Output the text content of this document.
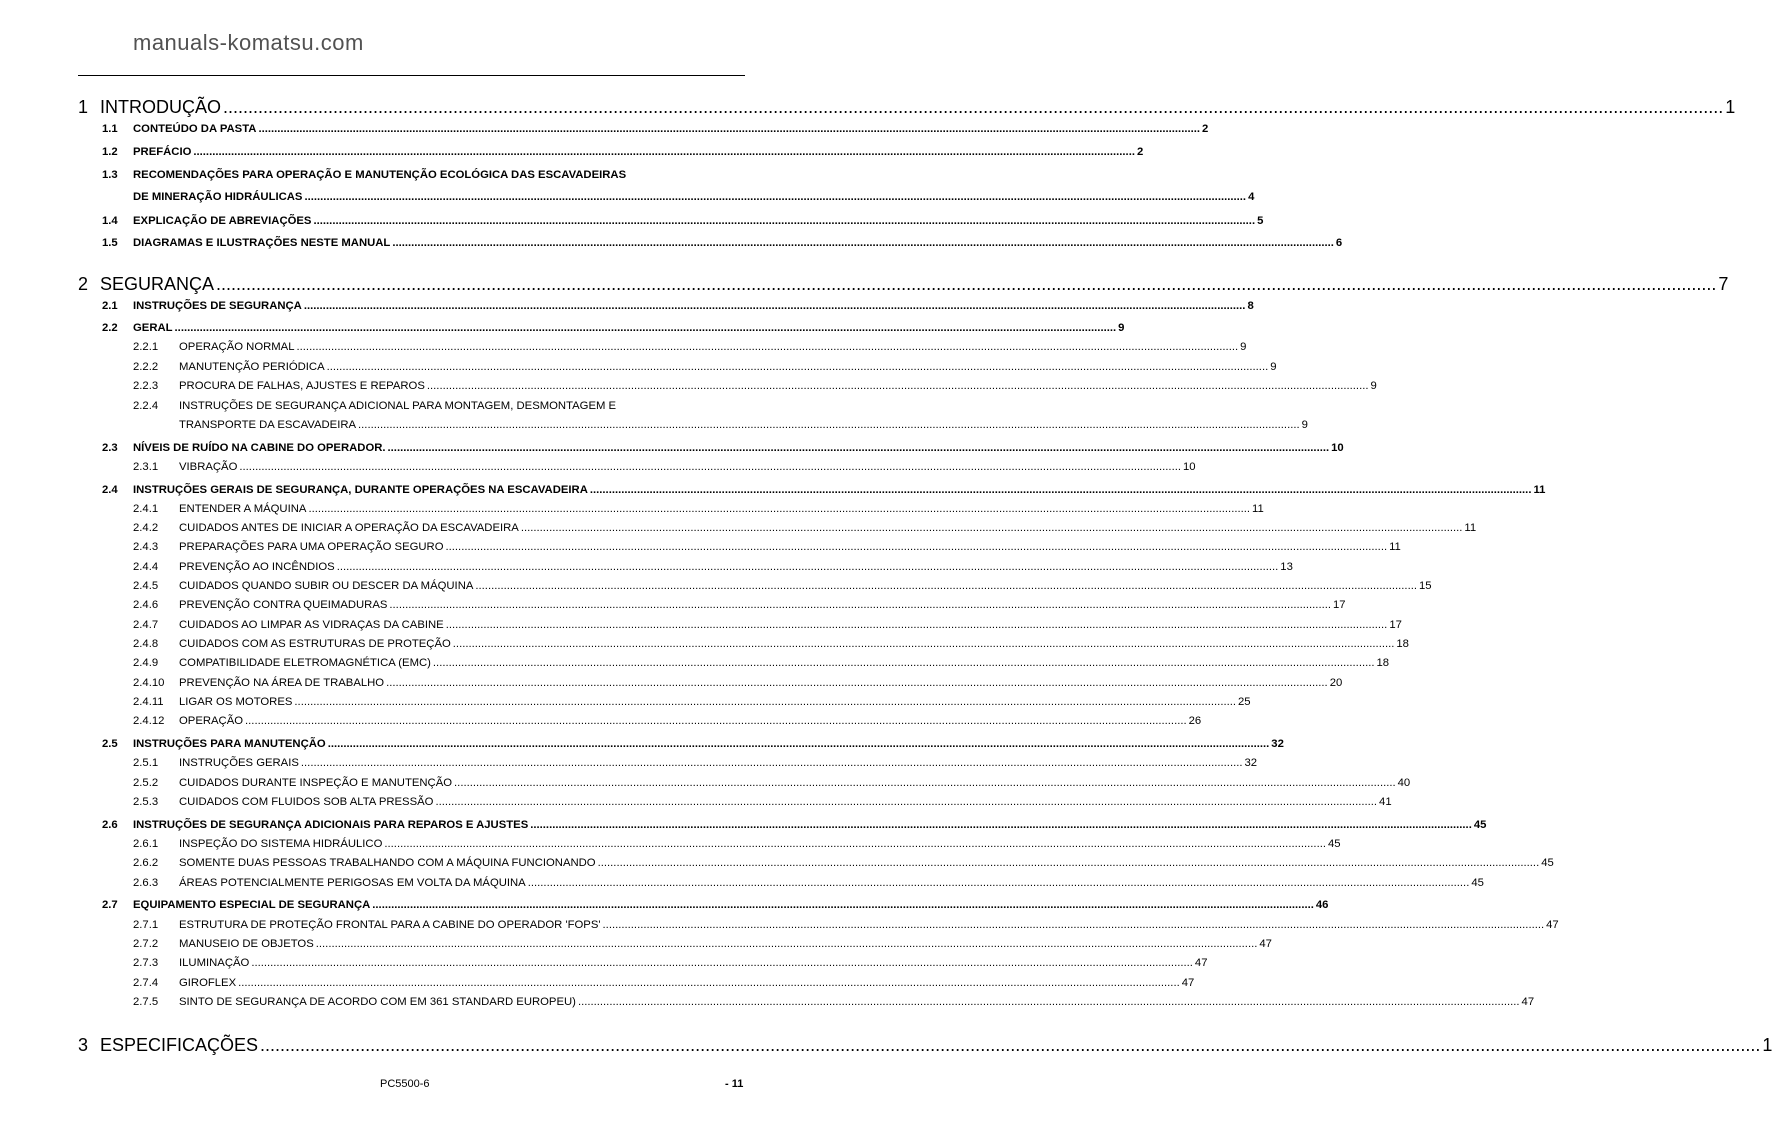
manuals-komatsu.com
1 INTRODUÇÃO ............................................................................................................................................................................................................................................................................................................ 1
1.1 CONTEÚDO DA PASTA ............................................................................................................................................................................................................................................................................................................ 2
1.2 PREFÁCIO ............................................................................................................................................................................................................................................................................................................ 2
1.3 RECOMENDAÇÕES PARA OPERAÇÃO E MANUTENÇÃO ECOLÓGICA DAS ESCAVADEIRAS
DE MINERAÇÃO HIDRÁULICAS ............................................................................................................................................................................................................................................................................................................ 4
1.4 EXPLICAÇÃO DE ABREVIAÇÕES ............................................................................................................................................................................................................................................................................................................ 5
1.5 DIAGRAMAS E ILUSTRAÇÕES NESTE MANUAL ............................................................................................................................................................................................................................................................................................................ 6
2 SEGURANÇA ............................................................................................................................................................................................................................................................................................................ 7
2.1 INSTRUÇÕES DE SEGURANÇA ............................................................................................................................................................................................................................................................................................................ 8
2.2 GERAL ............................................................................................................................................................................................................................................................................................................ 9
2.2.1 OPERAÇÃO NORMAL ............................................................................................................................................................................................................................................................................................................ 9
2.2.2 MANUTENÇÃO PERIÓDICA ............................................................................................................................................................................................................................................................................................................ 9
2.2.3 PROCURA DE FALHAS, AJUSTES E REPAROS ............................................................................................................................................................................................................................................................................................................ 9
2.2.4 INSTRUÇÕES DE SEGURANÇA ADICIONAL PARA MONTAGEM, DESMONTAGEM E
TRANSPORTE DA ESCAVADEIRA ............................................................................................................................................................................................................................................................................................................ 9
2.3 NÍVEIS DE RUÍDO NA CABINE DO OPERADOR. ............................................................................................................................................................................................................................................................................................................ 10
2.3.1 VIBRAÇÃO ............................................................................................................................................................................................................................................................................................................ 10
2.4 INSTRUÇÕES GERAIS DE SEGURANÇA, DURANTE OPERAÇÕES NA ESCAVADEIRA ............................................................................................................................................................................................................................................................................................................ 11
2.4.1 ENTENDER A MÁQUINA ............................................................................................................................................................................................................................................................................................................ 11
2.4.2 CUIDADOS ANTES DE INICIAR A OPERAÇÃO DA ESCAVADEIRA ............................................................................................................................................................................................................................................................................................................ 11
2.4.3 PREPARAÇÕES PARA UMA OPERAÇÃO SEGURO ............................................................................................................................................................................................................................................................................................................ 11
2.4.4 PREVENÇÃO AO INCÊNDIOS ............................................................................................................................................................................................................................................................................................................ 13
2.4.5 CUIDADOS QUANDO SUBIR OU DESCER DA MÁQUINA ............................................................................................................................................................................................................................................................................................................ 15
2.4.6 PREVENÇÃO CONTRA QUEIMADURAS ............................................................................................................................................................................................................................................................................................................ 17
2.4.7 CUIDADOS AO LIMPAR AS VIDRAÇAS DA CABINE ............................................................................................................................................................................................................................................................................................................ 17
2.4.8 CUIDADOS COM AS ESTRUTURAS DE PROTEÇÃO ............................................................................................................................................................................................................................................................................................................ 18
2.4.9 COMPATIBILIDADE ELETROMAGNÉTICA (EMC) ............................................................................................................................................................................................................................................................................................................ 18
2.4.10 PREVENÇÃO NA ÁREA DE TRABALHO ............................................................................................................................................................................................................................................................................................................ 20
2.4.11 LIGAR OS MOTORES ............................................................................................................................................................................................................................................................................................................ 25
2.4.12 OPERAÇÃO ............................................................................................................................................................................................................................................................................................................ 26
2.5 INSTRUÇÕES PARA MANUTENÇÃO ............................................................................................................................................................................................................................................................................................................ 32
2.5.1 INSTRUÇÕES GERAIS ............................................................................................................................................................................................................................................................................................................ 32
2.5.2 CUIDADOS DURANTE INSPEÇÃO E MANUTENÇÃO ............................................................................................................................................................................................................................................................................................................ 40
2.5.3 CUIDADOS COM FLUIDOS SOB ALTA PRESSÃO ............................................................................................................................................................................................................................................................................................................ 41
2.6 INSTRUÇÕES DE SEGURANÇA ADICIONAIS PARA REPAROS E AJUSTES ............................................................................................................................................................................................................................................................................................................ 45
2.6.1 INSPEÇÃO DO SISTEMA HIDRÁULICO ............................................................................................................................................................................................................................................................................................................ 45
2.6.2 SOMENTE DUAS PESSOAS TRABALHANDO COM A MÁQUINA FUNCIONANDO ............................................................................................................................................................................................................................................................................................................ 45
2.6.3 ÁREAS POTENCIALMENTE PERIGOSAS EM VOLTA DA MÁQUINA ............................................................................................................................................................................................................................................................................................................ 45
2.7 EQUIPAMENTO ESPECIAL DE SEGURANÇA ............................................................................................................................................................................................................................................................................................................ 46
2.7.1 ESTRUTURA DE PROTEÇÃO FRONTAL PARA A CABINE DO OPERADOR 'FOPS' ............................................................................................................................................................................................................................................................................................................ 47
2.7.2 MANUSEIO DE OBJETOS ............................................................................................................................................................................................................................................................................................................ 47
2.7.3 ILUMINAÇÃO ............................................................................................................................................................................................................................................................................................................ 47
2.7.4 GIROFLEX ............................................................................................................................................................................................................................................................................................................ 47
2.7.5 SINTO DE SEGURANÇA DE ACORDO COM EM 361 STANDARD EUROPEU) ............................................................................................................................................................................................................................................................................................................ 47
3 ESPECIFICAÇÕES ............................................................................................................................................................................................................................................................................................................ 1
PC5500-6	- 11
